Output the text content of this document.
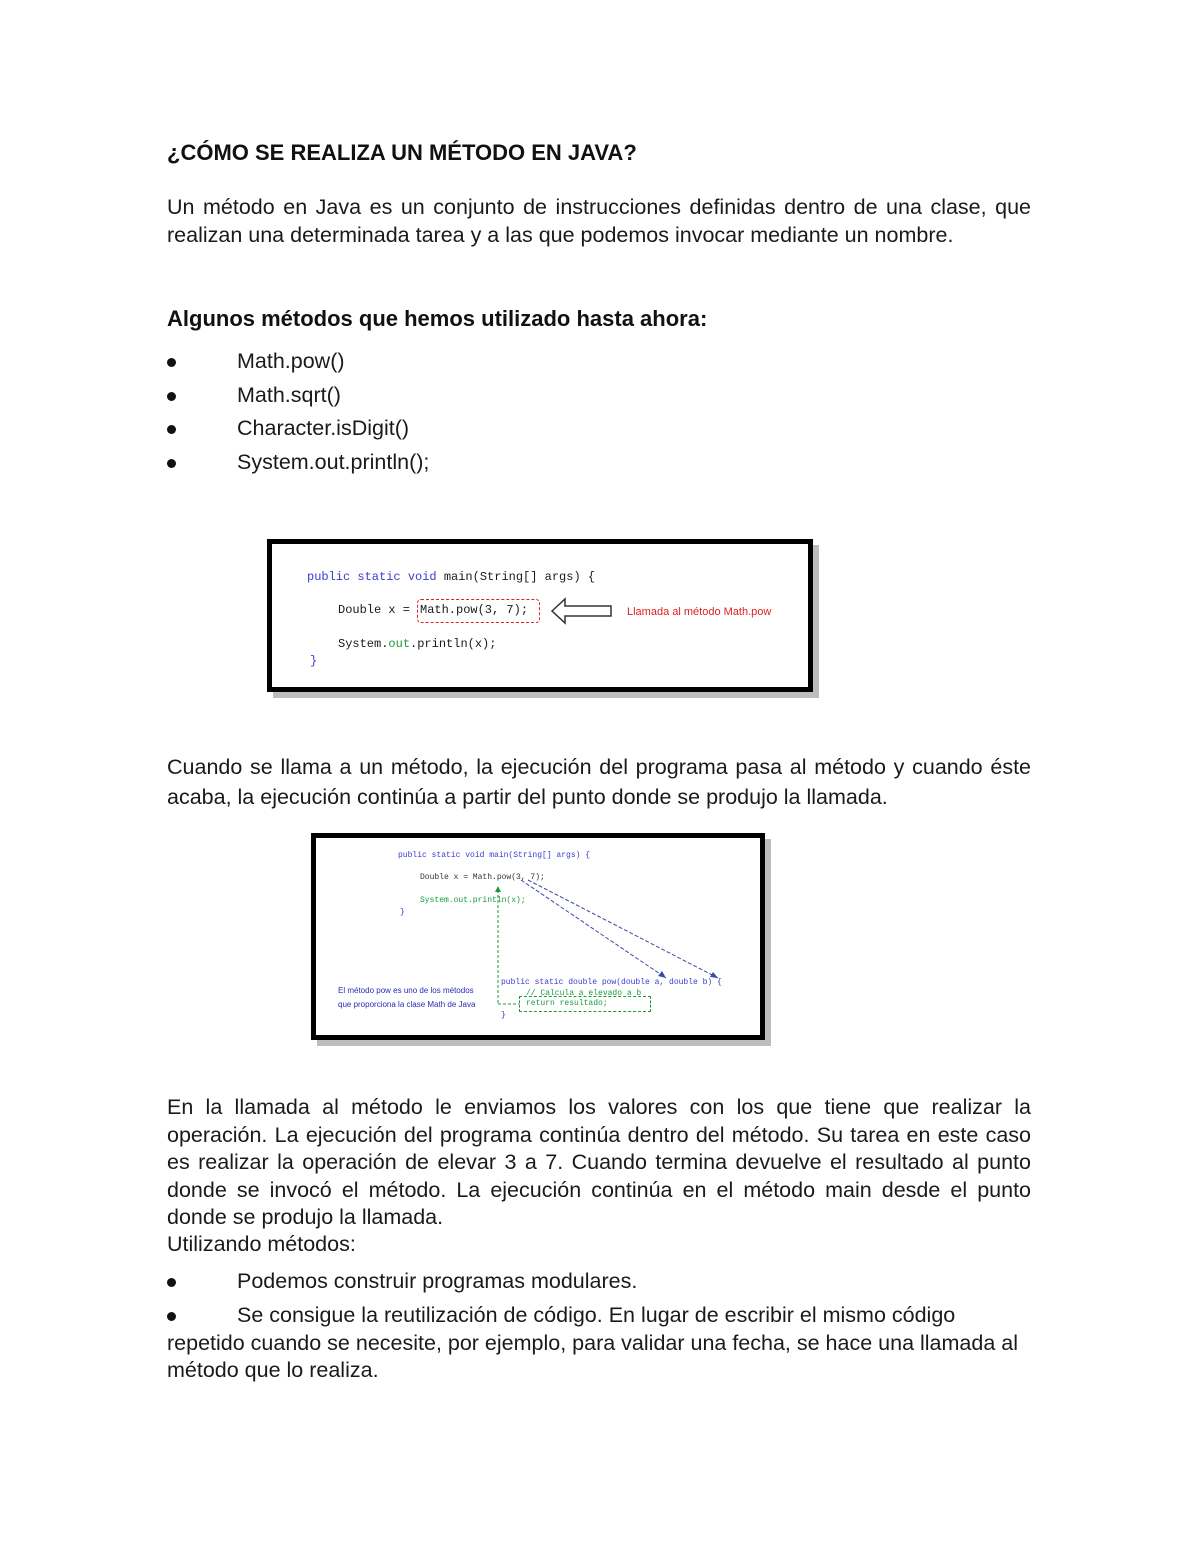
¿CÓMO SE REALIZA UN MÉTODO EN JAVA?
Un método en Java es un conjunto de instrucciones definidas dentro de una clase, que realizan una determinada tarea y a las que podemos invocar mediante un nombre.
Algunos métodos que hemos utilizado hasta ahora:
Math.pow()
Math.sqrt()
Character.isDigit()
System.out.println();
public static void main(String[] args) {
Double x = Math.pow(3, 7);	Llamada al método Math.pow
System.out.println(x);
}
Cuando se llama a un método, la ejecución del programa pasa al método y cuando éste acaba, la ejecución continúa a partir del punto donde se produjo la llamada.
public static void main(String[] args) {
Double x = Math.pow(3, 7);
System.out.println(x);
}
public static double pow(double a, double b) {
// Calcula a elevado a b
return resultado;
}
El método pow es uno de los métodos
que proporciona la clase Math de Java
En la llamada al método le enviamos los valores con los que tiene que realizar la operación. La ejecución del programa continúa dentro del método. Su tarea en este caso es realizar la operación de elevar 3 a 7. Cuando termina devuelve el resultado al punto donde se invocó el método. La ejecución continúa en el método main desde el punto donde se produjo la llamada.
Utilizando métodos:
Podemos construir programas modulares.
Se consigue la reutilización de código. En lugar de escribir el mismo código repetido cuando se necesite, por ejemplo, para validar una fecha, se hace una llamada al método que lo realiza.
